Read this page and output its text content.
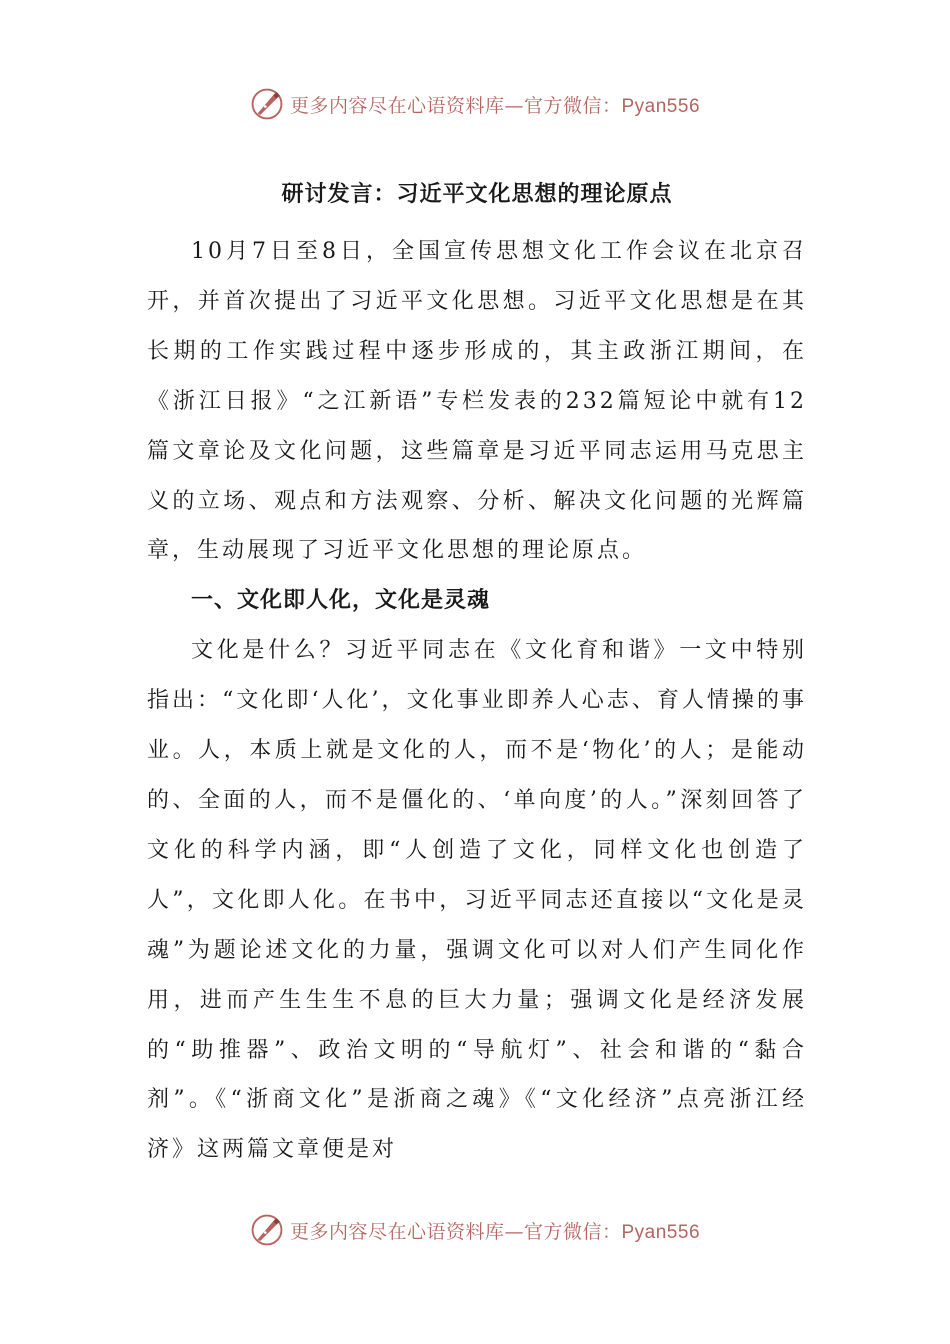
更多内容尽在心语资料库—官方微信：Pyan556
研讨发言：习近平文化思想的理论原点

10月7日至8日，全国宣传思想文化工作会议在北京召开，并首次提出了习近平文化思想。习近平文化思想是在其长期的工作实践过程中逐步形成的，其主政浙江期间，在《浙江日报》“之江新语”专栏发表的232篇短论中就有12篇文章论及文化问题，这些篇章是习近平同志运用马克思主义的立场、观点和方法观察、分析、解决文化问题的光辉篇章，生动展现了习近平文化思想的理论原点。

一、文化即人化，文化是灵魂

文化是什么？习近平同志在《文化育和谐》一文中特别指出：“文化即‘人化’，文化事业即养人心志、育人情操的事业。人，本质上就是文化的人，而不是‘物化’的人；是能动的、全面的人，而不是僵化的、‘单向度’的人。”深刻回答了文化的科学内涵，即“人创造了文化，同样文化也创造了人”，文化即人化。在书中，习近平同志还直接以“文化是灵魂”为题论述文化的力量，强调文化可以对人们产生同化作用，进而产生生生不息的巨大力量；强调文化是经济发展的“助推器”、政治文明的“导航灯”、社会和谐的“黏合剂”。《“浙商文化”是浙商之魂》《“文化经济”点亮浙江经济》这两篇文章便是对

更多内容尽在心语资料库—官方微信：Pyan556
